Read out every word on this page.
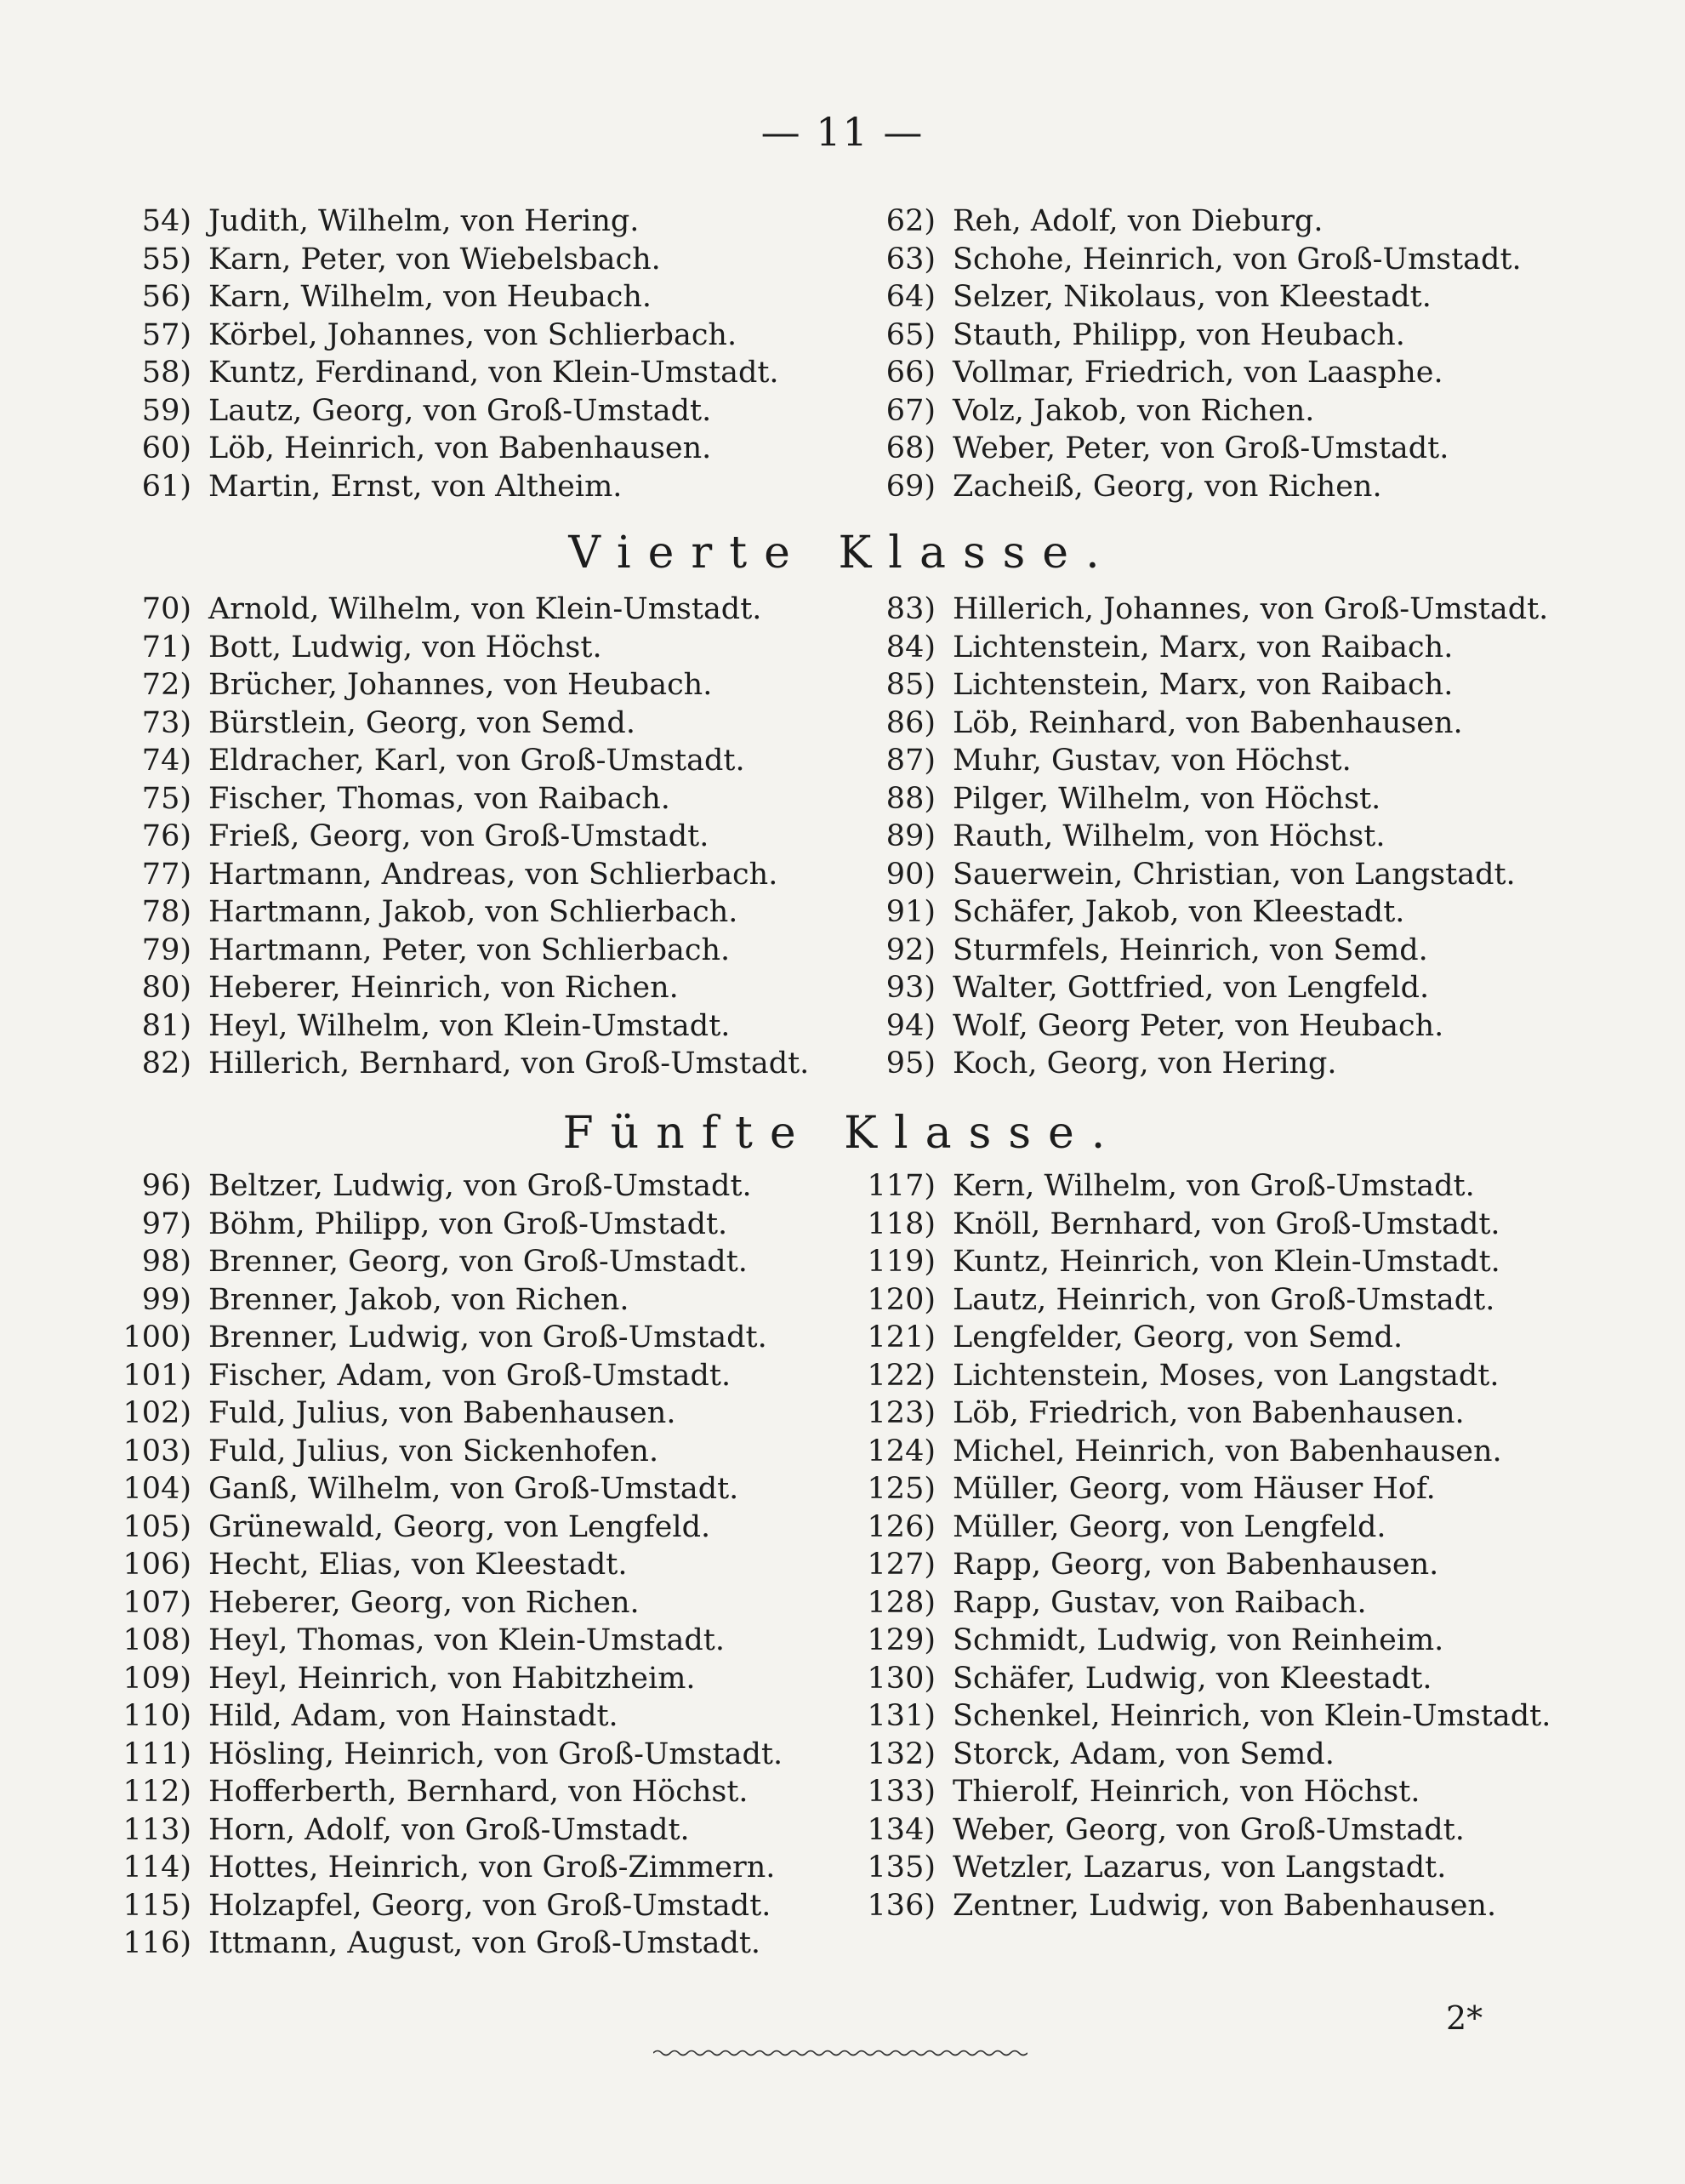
— 11 —
54) Judith, Wilhelm, von Hering.
55) Karn, Peter, von Wiebelsbach.
56) Karn, Wilhelm, von Heubach.
57) Körbel, Johannes, von Schlierbach.
58) Kuntz, Ferdinand, von Klein-Umstadt.
59) Lautz, Georg, von Groß-Umstadt.
60) Löb, Heinrich, von Babenhausen.
61) Martin, Ernst, von Altheim.
62) Reh, Adolf, von Dieburg.
63) Schohe, Heinrich, von Groß-Umstadt.
64) Selzer, Nikolaus, von Kleestadt.
65) Stauth, Philipp, von Heubach.
66) Vollmar, Friedrich, von Laasphe.
67) Volz, Jakob, von Richen.
68) Weber, Peter, von Groß-Umstadt.
69) Zacheiß, Georg, von Richen.
Vierte Klasse.
70) Arnold, Wilhelm, von Klein-Umstadt.
71) Bott, Ludwig, von Höchst.
72) Brücher, Johannes, von Heubach.
73) Bürstlein, Georg, von Semd.
74) Eldracher, Karl, von Groß-Umstadt.
75) Fischer, Thomas, von Raibach.
76) Frieß, Georg, von Groß-Umstadt.
77) Hartmann, Andreas, von Schlierbach.
78) Hartmann, Jakob, von Schlierbach.
79) Hartmann, Peter, von Schlierbach.
80) Heberer, Heinrich, von Richen.
81) Heyl, Wilhelm, von Klein-Umstadt.
82) Hillerich, Bernhard, von Groß-Umstadt.
83) Hillerich, Johannes, von Groß-Umstadt.
84) Lichtenstein, Marx, von Raibach.
85) Lichtenstein, Marx, von Raibach.
86) Löb, Reinhard, von Babenhausen.
87) Muhr, Gustav, von Höchst.
88) Pilger, Wilhelm, von Höchst.
89) Rauth, Wilhelm, von Höchst.
90) Sauerwein, Christian, von Langstadt.
91) Schäfer, Jakob, von Kleestadt.
92) Sturmfels, Heinrich, von Semd.
93) Walter, Gottfried, von Lengfeld.
94) Wolf, Georg Peter, von Heubach.
95) Koch, Georg, von Hering.
Fünfte Klasse.
96) Beltzer, Ludwig, von Groß-Umstadt.
97) Böhm, Philipp, von Groß-Umstadt.
98) Brenner, Georg, von Groß-Umstadt.
99) Brenner, Jakob, von Richen.
100) Brenner, Ludwig, von Groß-Umstadt.
101) Fischer, Adam, von Groß-Umstadt.
102) Fuld, Julius, von Babenhausen.
103) Fuld, Julius, von Sickenhofen.
104) Ganß, Wilhelm, von Groß-Umstadt.
105) Grünewald, Georg, von Lengfeld.
106) Hecht, Elias, von Kleestadt.
107) Heberer, Georg, von Richen.
108) Heyl, Thomas, von Klein-Umstadt.
109) Heyl, Heinrich, von Habitzheim.
110) Hild, Adam, von Hainstadt.
111) Hösling, Heinrich, von Groß-Umstadt.
112) Hofferberth, Bernhard, von Höchst.
113) Horn, Adolf, von Groß-Umstadt.
114) Hottes, Heinrich, von Groß-Zimmern.
115) Holzapfel, Georg, von Groß-Umstadt.
116) Ittmann, August, von Groß-Umstadt.
117) Kern, Wilhelm, von Groß-Umstadt.
118) Knöll, Bernhard, von Groß-Umstadt.
119) Kuntz, Heinrich, von Klein-Umstadt.
120) Lautz, Heinrich, von Groß-Umstadt.
121) Lengfelder, Georg, von Semd.
122) Lichtenstein, Moses, von Langstadt.
123) Löb, Friedrich, von Babenhausen.
124) Michel, Heinrich, von Babenhausen.
125) Müller, Georg, vom Häuser Hof.
126) Müller, Georg, von Lengfeld.
127) Rapp, Georg, von Babenhausen.
128) Rapp, Gustav, von Raibach.
129) Schmidt, Ludwig, von Reinheim.
130) Schäfer, Ludwig, von Kleestadt.
131) Schenkel, Heinrich, von Klein-Umstadt.
132) Storck, Adam, von Semd.
133) Thierolf, Heinrich, von Höchst.
134) Weber, Georg, von Groß-Umstadt.
135) Wetzler, Lazarus, von Langstadt.
136) Zentner, Ludwig, von Babenhausen.
2*
